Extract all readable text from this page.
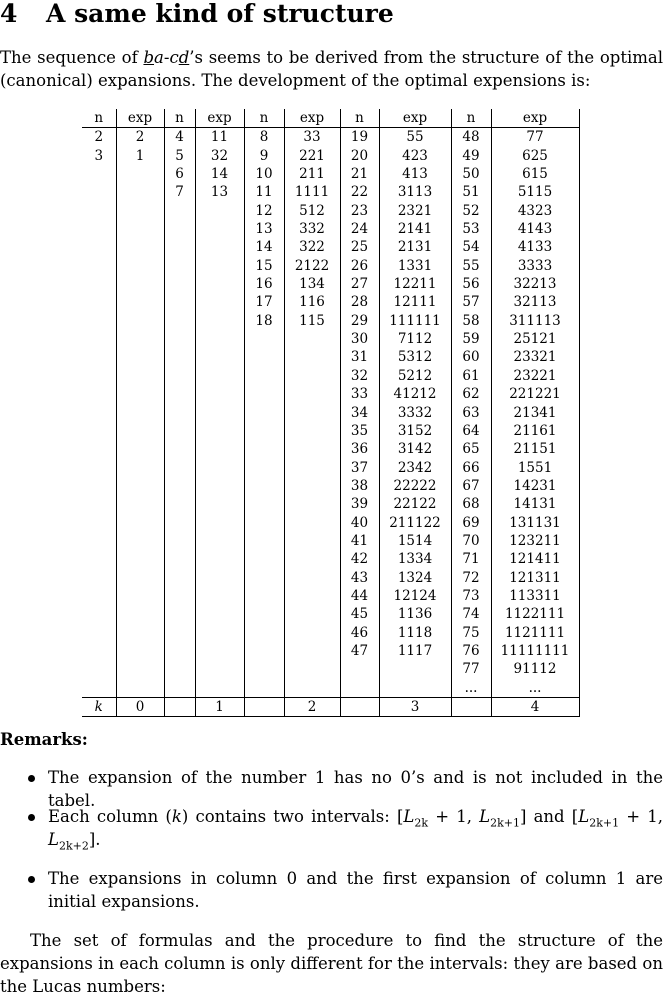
4 A same kind of structure

The sequence of ba-cd’s seems to be derived from the structure of the optimal (canonical) expansions. The development of the optimal expensions is:

n	exp	n	exp	n	exp	n	exp	n	exp
2	2	4	11	8	33	19	55	48	77
3	1	5	32	9	221	20	423	49	625
		6	14	10	211	21	413	50	615
		7	13	11	1111	22	3113	51	5115
				12	512	23	2321	52	4323
				13	332	24	2141	53	4143
				14	322	25	2131	54	4133
				15	2122	26	1331	55	3333
				16	134	27	12211	56	32213
				17	116	28	12111	57	32113
				18	115	29	111111	58	311113
						30	7112	59	25121
						31	5312	60	23321
						32	5212	61	23221
						33	41212	62	221221
						34	3332	63	21341
						35	3152	64	21161
						36	3142	65	21151
						37	2342	66	1551
						38	22222	67	14231
						39	22122	68	14131
						40	211122	69	131131
						41	1514	70	123211
						42	1334	71	121411
						43	1324	72	121311
						44	12124	73	113311
						45	1136	74	1122111
						46	1118	75	1121111
						47	1117	76	11111111
								77	91112
								...	...
k	0		1		2		3		4
Remarks:

The expansion of the number 1 has no 0’s and is not included in the tabel.

Each column (k) contains two intervals: [$L_{2k} + 1$, $L_{2k+1}$] and [$L_{2k+1} + 1$, $L_{2k+2}$].

The expansions in column 0 and the first expansion of column 1 are initial expansions.

The set of formulas and the procedure to find the structure of the expansions in each column is only different for the intervals: they are based on the Lucas numbers:
